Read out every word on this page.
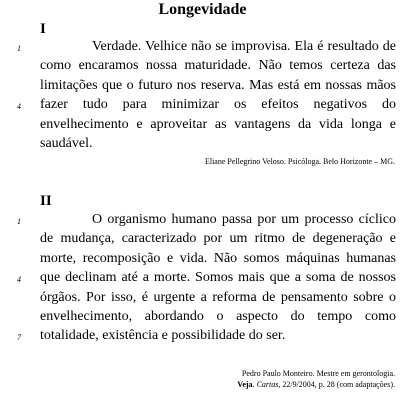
Longevidade
I
1
4

Verdade. Velhice não se improvisa. Ela é resultado de como encaramos nossa maturidade. Não temos certeza das limitações que o futuro nos reserva. Mas está em nossas mãos fazer tudo para minimizar os efeitos negativos do envelhecimento e aproveitar as vantagens da vida longa e saudável.

Eliane Pellegrino Veloso. Psicóloga. Belo Horizonte – MG.
II
1
4
7

O organismo humano passa por um processo cíclico de mudança, caracterizado por um ritmo de degeneração e morte, recomposição e vida. Não somos máquinas humanas que declinam até a morte. Somos mais que a soma de nossos órgãos. Por isso, é urgente a reforma de pensamento sobre o envelhecimento, abordando o aspecto do tempo como totalidade, existência e possibilidade do ser.

Pedro Paulo Monteiro. Mestre em gerontologia.
Veja. Cartas, 22/9/2004, p. 28 (com adaptações).
